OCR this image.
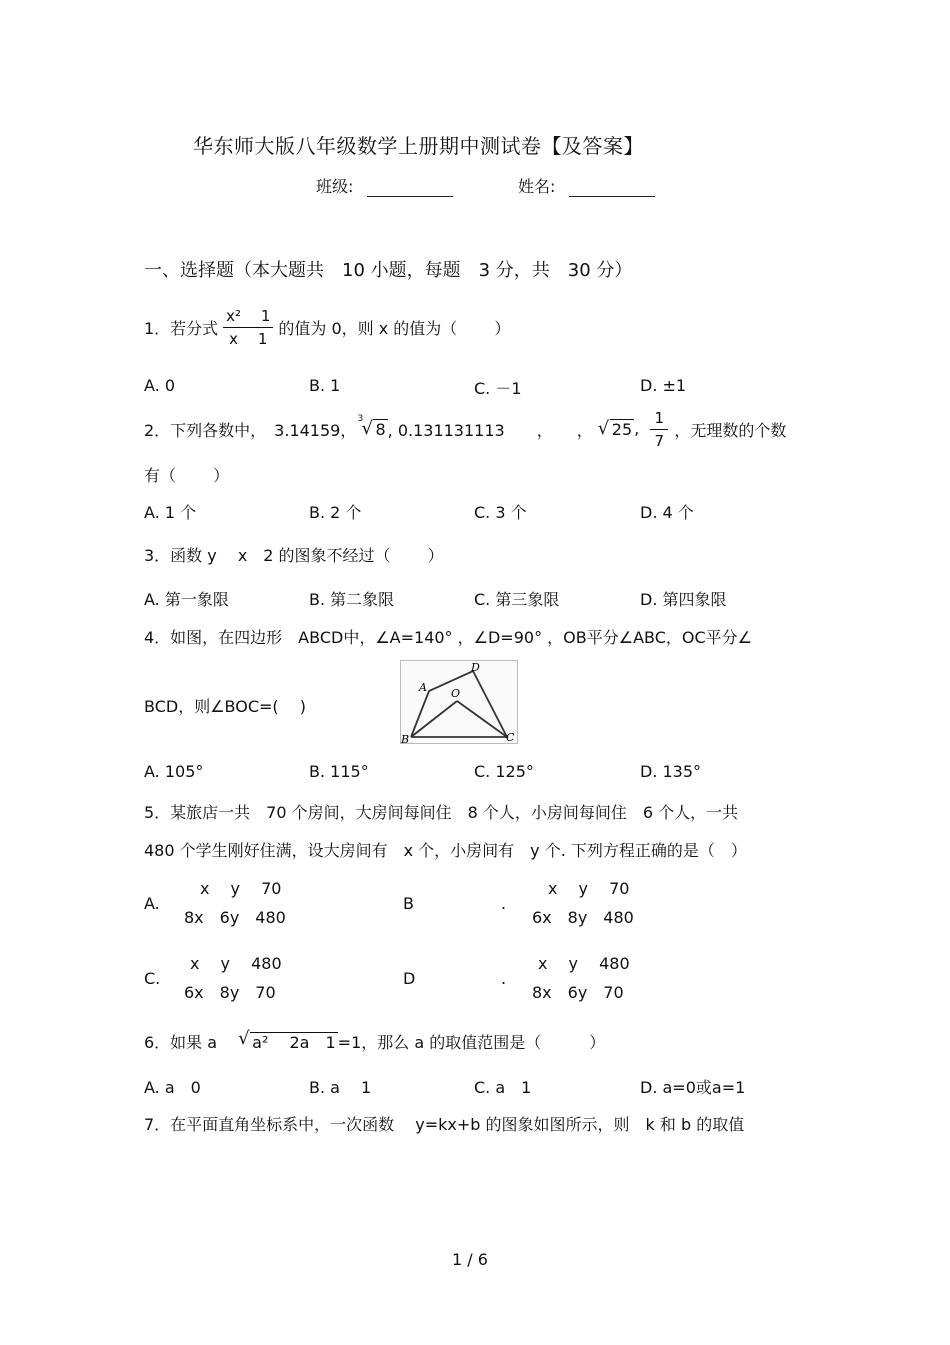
华东师大版八年级数学上册期中测试卷【及答案】
班级:	姓名:
一、选择题（本大题共　10 小题，每题　3 分，共　30 分）
1．若分式 $\frac{\text{x² 　1}}{x 1}$ 的值为 0，则 x 的值为（　　 ）
A. 0	B. 1	C. －1	D. ±1
2．下列各数中，　3.14159，
3
√ 8 , 0.131131113　　，　　， √ 25 , $\frac{1}{7}$ ，无理数的个数
有（　　 ）
A. 1 个	B. 2 个	C. 3 个	D. 4 个
3．函数 y　 x　2 的图象不经过（　　 ）
A. 第一象限	B. 第二象限	C. 第三象限	D. 第四象限
4．如图，在四边形　ABCD中，∠A=140° ，∠D=90° ，OB平分∠ABC，OC平分∠
BCD，则∠BOC=(　 )
A
D
O
B	C
A. 105°	B. 115°	C. 125°	D. 135°
5．某旅店一共　70 个房间，大房间每间住　8 个人，小房间每间住　6 个人，一共
480 个学生刚好住满，设大房间有　x 个，小房间有　y 个. 下列方程正确的是（　）
A.
x　 y　 70
8x　6y　480
B	.
x　 y　 70
6x　8y　480
C.
x　 y　 480
6x　8y　70
D	.
x　 y　 480
8x　6y　70
6．如果 a　 √ a²　 2a　1 =1，那么 a 的取值范围是（　　　）
A. a　0	B. a　 1	C. a　1	D. a=0或a=1
7．在平面直角坐标系中，一次函数　 y=kx+b 的图象如图所示，则　k 和 b 的取值
1 / 6
